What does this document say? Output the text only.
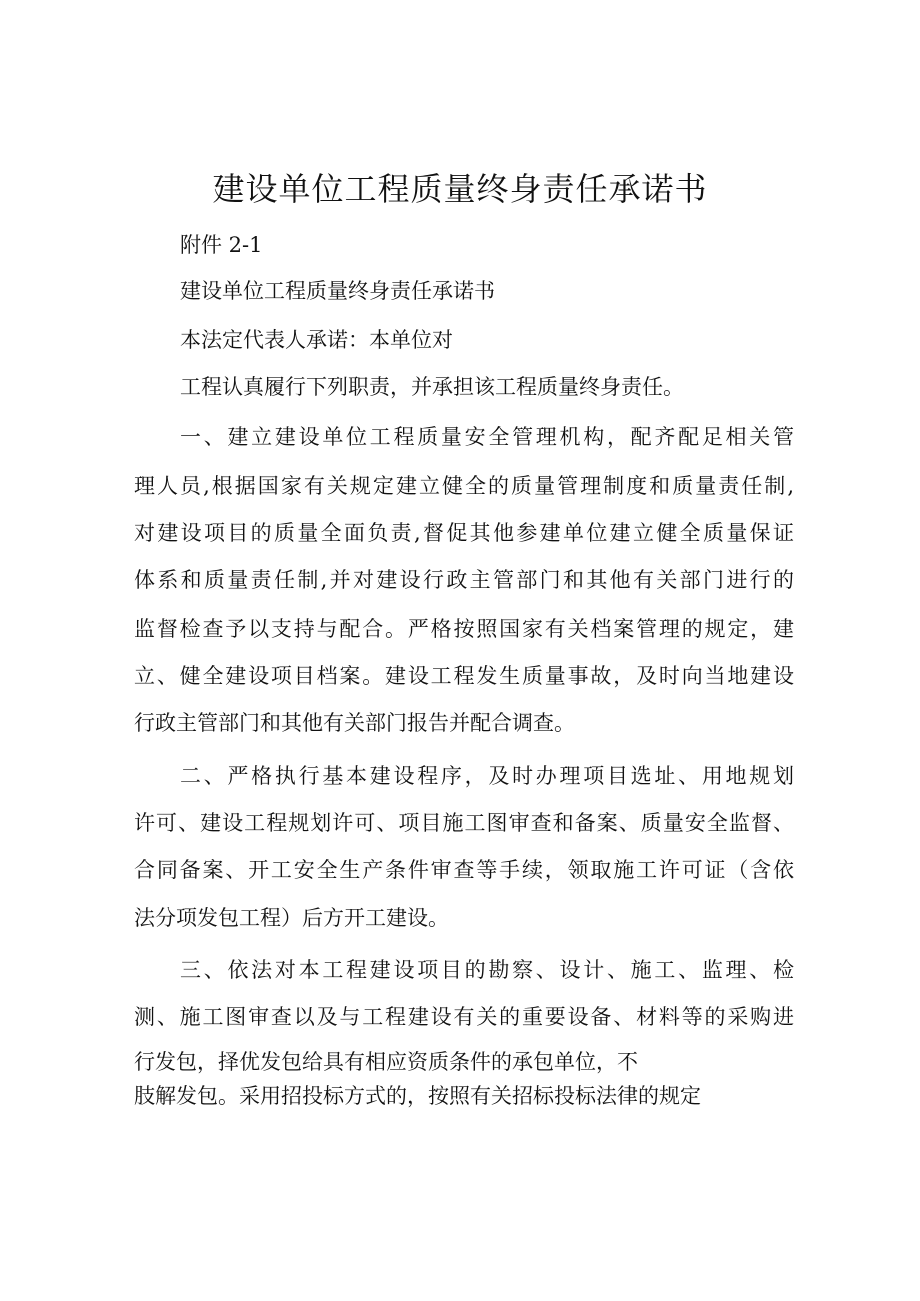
建设单位工程质量终身责任承诺书
附件 2-1
建设单位工程质量终身责任承诺书
本法定代表人承诺：本单位对
工程认真履行下列职责，并承担该工程质量终身责任。
一、建立建设单位工程质量安全管理机构，配齐配足相关管
理人员,根据国家有关规定建立健全的质量管理制度和质量责任制,
对建设项目的质量全面负责,督促其他参建单位建立健全质量保证
体系和质量责任制,并对建设行政主管部门和其他有关部门进行的
监督检查予以支持与配合。严格按照国家有关档案管理的规定，建
立、健全建设项目档案。建设工程发生质量事故，及时向当地建设
行政主管部门和其他有关部门报告并配合调查。
二、严格执行基本建设程序，及时办理项目选址、用地规划
许可、建设工程规划许可、项目施工图审查和备案、质量安全监督、
合同备案、开工安全生产条件审查等手续，领取施工许可证（含依
法分项发包工程）后方开工建设。
三、依法对本工程建设项目的勘察、设计、施工、监理、检
测、施工图审查以及与工程建设有关的重要设备、材料等的采购进
行发包，择优发包给具有相应资质条件的承包单位，不
肢解发包。采用招投标方式的，按照有关招标投标法律的规定
